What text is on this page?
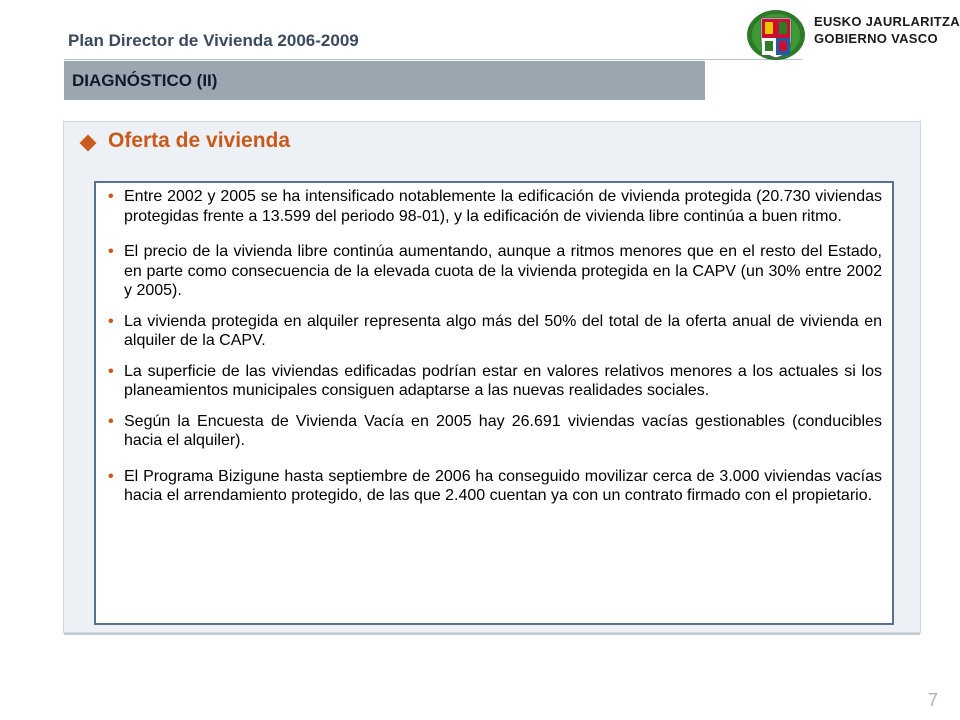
Plan Director de Vivienda 2006-2009
DIAGNÓSTICO (II)
EUSKO JAURLARITZA
GOBIERNO VASCO
Oferta de vivienda
• Entre 2002 y 2005 se ha intensificado notablemente la edificación de vivienda protegida (20.730 viviendas protegidas frente a 13.599 del periodo 98-01), y la edificación de vivienda libre continúa a buen ritmo.
• El precio de la vivienda libre continúa aumentando, aunque a ritmos menores que en el resto del Estado, en parte como consecuencia de la elevada cuota de la vivienda protegida en la CAPV (un 30% entre 2002 y 2005).
• La vivienda protegida en alquiler representa algo más del 50% del total de la oferta anual de vivienda en alquiler de la CAPV.
• La superficie de las viviendas edificadas podrían estar en valores relativos menores a los actuales si los planeamientos municipales consiguen adaptarse a las nuevas realidades sociales.
• Según la Encuesta de Vivienda Vacía en 2005 hay 26.691 viviendas vacías gestionables (conducibles hacia el alquiler).
• El Programa Bizigune hasta septiembre de 2006 ha conseguido movilizar cerca de 3.000 viviendas vacías hacia el arrendamiento protegido, de las que 2.400 cuentan ya con un contrato firmado con el propietario.
7
